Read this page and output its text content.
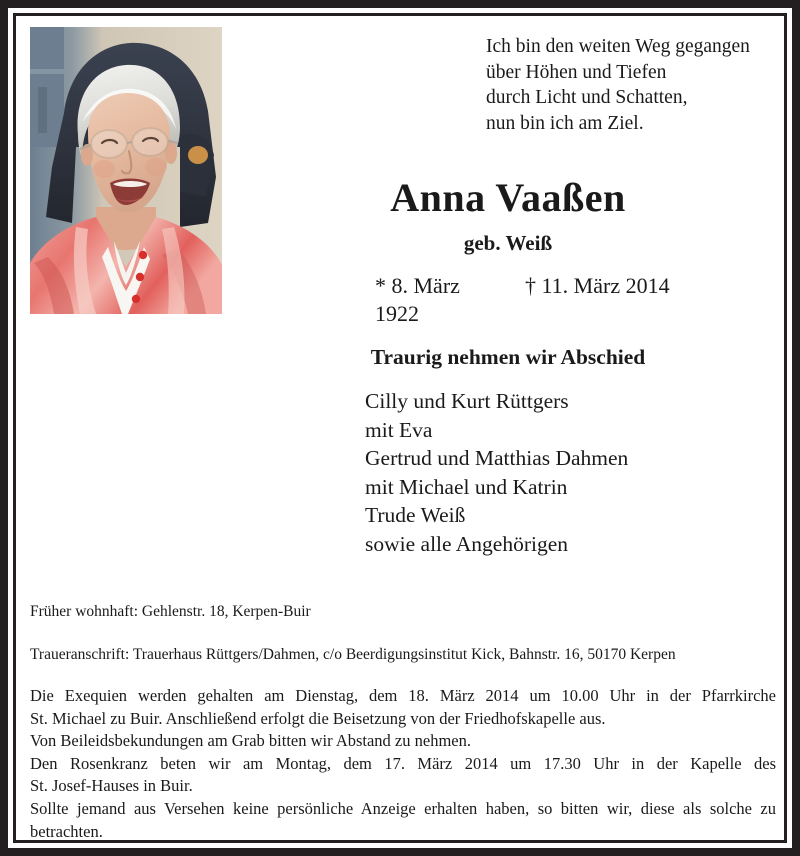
Ich bin den weiten Weg gegangen
über Höhen und Tiefen
durch Licht und Schatten,
nun bin ich am Ziel.
Anna Vaaßen
geb. Weiß
* 8. März 1922
† 11. März 2014
Traurig nehmen wir Abschied
Cilly und Kurt Rüttgers
mit Eva
Gertrud und Matthias Dahmen
mit Michael und Katrin
Trude Weiß
sowie alle Angehörigen
Früher wohnhaft: Gehlenstr. 18, Kerpen-Buir
Traueranschrift: Trauerhaus Rüttgers/Dahmen, c/o Beerdigungsinstitut Kick, Bahnstr. 16, 50170 Kerpen

Die Exequien werden gehalten am Dienstag, dem 18. März 2014 um 10.00 Uhr in der Pfarrkirche
St. Michael zu Buir. Anschließend erfolgt die Beisetzung von der Friedhofskapelle aus.

Von Beileidsbekundungen am Grab bitten wir Abstand zu nehmen.

Den Rosenkranz beten wir am Montag, dem 17. März 2014 um 17.30 Uhr in der Kapelle des
St. Josef-Hauses in Buir.

Sollte jemand aus Versehen keine persönliche Anzeige erhalten haben, so bitten wir, diese als solche zu
betrachten.
